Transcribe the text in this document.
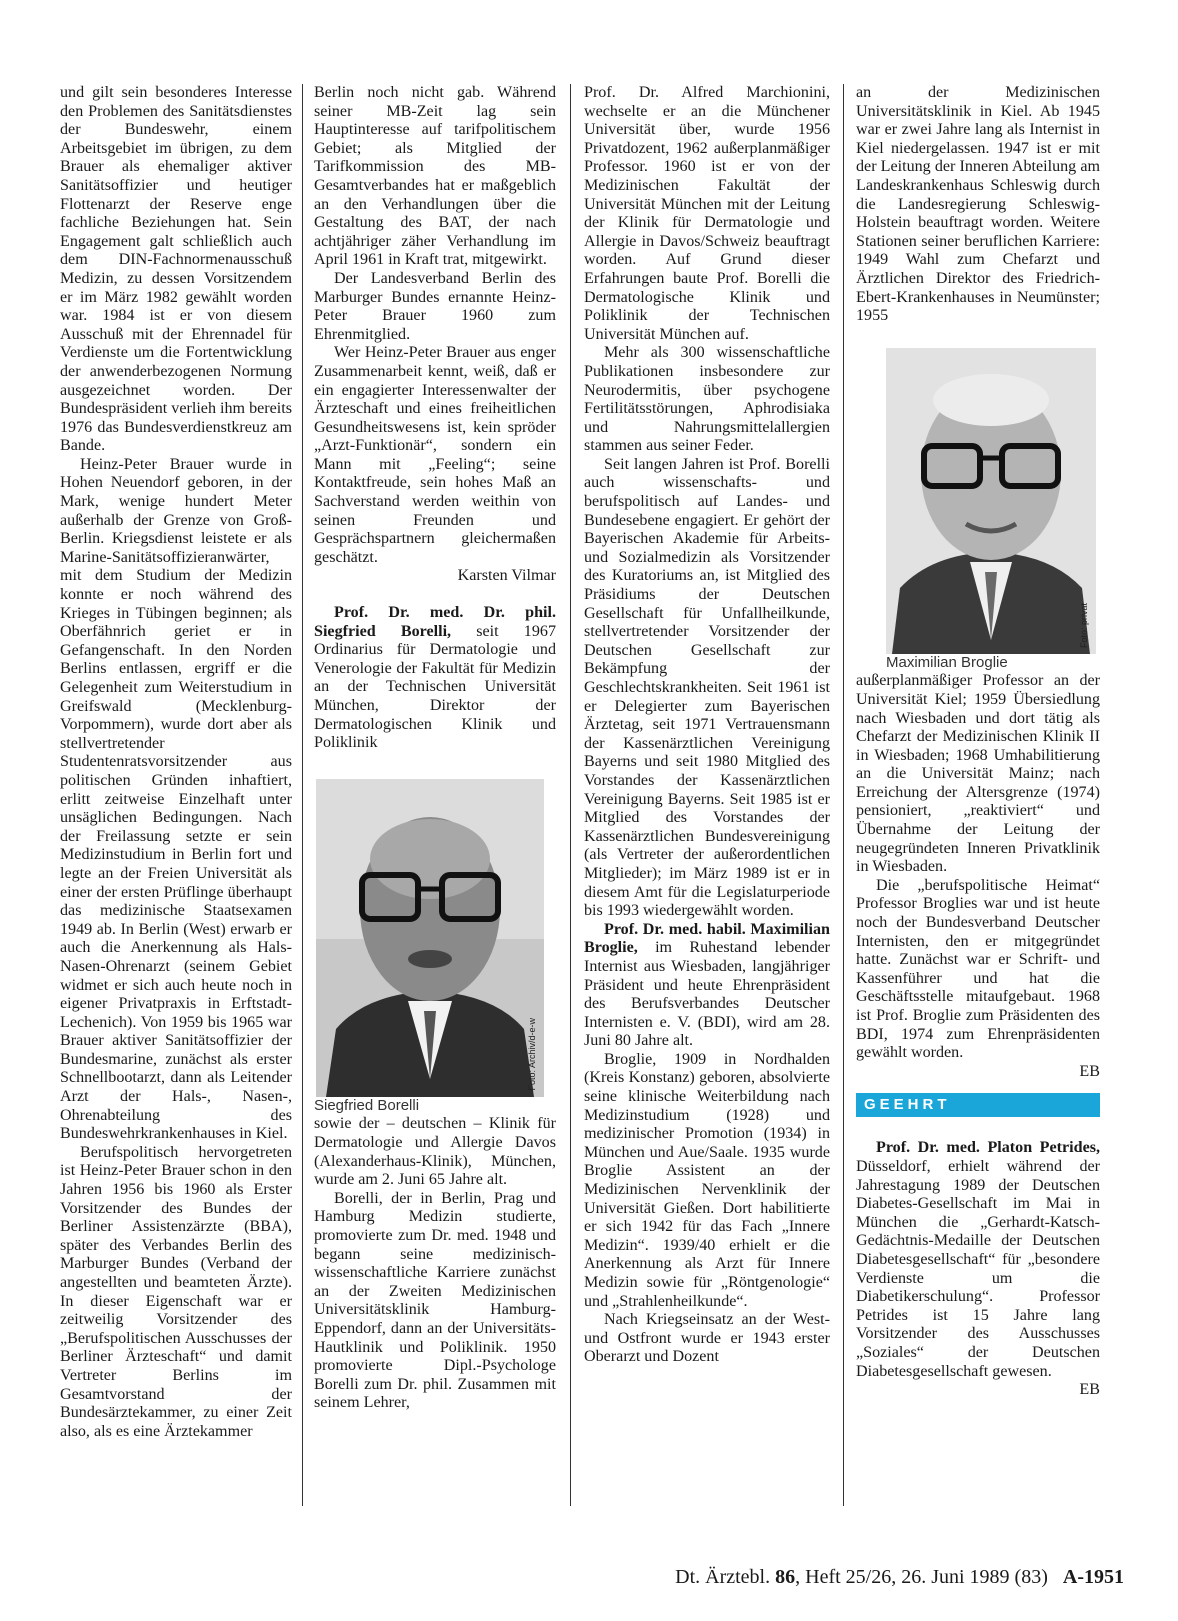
und gilt sein besonderes Interesse den Problemen des Sanitätsdienstes der Bundeswehr, einem Arbeitsgebiet im übrigen, zu dem Brauer als ehemaliger aktiver Sanitätsoffizier und heutiger Flottenarzt der Reserve enge fachliche Beziehungen hat. Sein Engagement galt schließlich auch dem DIN-Fachnormenausschuß Medizin, zu dessen Vorsitzendem er im März 1982 gewählt worden war. 1984 ist er von diesem Ausschuß mit der Ehrennadel für Verdienste um die Fortentwicklung der anwenderbezogenen Normung ausgezeichnet worden. Der Bundespräsident verlieh ihm bereits 1976 das Bundesverdienstkreuz am Bande.

Heinz-Peter Brauer wurde in Hohen Neuendorf geboren, in der Mark, wenige hundert Meter außerhalb der Grenze von Groß-Berlin. Kriegsdienst leistete er als Marine-Sanitätsoffizieranwärter, mit dem Studium der Medizin konnte er noch während des Krieges in Tübingen beginnen; als Oberfähnrich geriet er in Gefangenschaft. In den Norden Berlins entlassen, ergriff er die Gelegenheit zum Weiterstudium in Greifswald (Mecklenburg-Vorpommern), wurde dort aber als stellvertretender Studentenratsvorsitzender aus politischen Gründen inhaftiert, erlitt zeitweise Einzelhaft unter unsäglichen Bedingungen. Nach der Freilassung setzte er sein Medizinstudium in Berlin fort und legte an der Freien Universität als einer der ersten Prüflinge überhaupt das medizinische Staatsexamen 1949 ab. In Berlin (West) erwarb er auch die Anerkennung als Hals-Nasen-Ohrenarzt (seinem Gebiet widmet er sich auch heute noch in eigener Privatpraxis in Erftstadt-Lechenich). Von 1959 bis 1965 war Brauer aktiver Sanitätsoffizier der Bundesmarine, zunächst als erster Schnellbootarzt, dann als Leitender Arzt der Hals-, Nasen-, Ohrenabteilung des Bundeswehrkrankenhauses in Kiel.

Berufspolitisch hervorgetreten ist Heinz-Peter Brauer schon in den Jahren 1956 bis 1960 als Erster Vorsitzender des Bundes der Berliner Assistenzärzte (BBA), später des Verbandes Berlin des Marburger Bundes (Verband der angestellten und beamteten Ärzte). In dieser Eigenschaft war er zeitweilig Vorsitzender des „Berufspolitischen Ausschusses der Berliner Ärzteschaft“ und damit Vertreter Berlins im Gesamtvorstand der Bundesärztekammer, zu einer Zeit also, als es eine Ärztekammer

Berlin noch nicht gab. Während seiner MB-Zeit lag sein Hauptinteresse auf tarifpolitischem Gebiet; als Mitglied der Tarifkommission des MB-Gesamtverbandes hat er maßgeblich an den Verhandlungen über die Gestaltung des BAT, der nach achtjähriger zäher Verhandlung im April 1961 in Kraft trat, mitgewirkt.

Der Landesverband Berlin des Marburger Bundes ernannte Heinz-Peter Brauer 1960 zum Ehrenmitglied.

Wer Heinz-Peter Brauer aus enger Zusammenarbeit kennt, weiß, daß er ein engagierter Interessenwalter der Ärzteschaft und eines freiheitlichen Gesundheitswesens ist, kein spröder „Arzt-Funktionär“, sondern ein Mann mit „Feeling“; seine Kontaktfreude, sein hohes Maß an Sachverstand werden weithin von seinen Freunden und Gesprächspartnern gleichermaßen geschätzt.
Karsten Vilmar

Prof. Dr. med. Dr. phil. Siegfried Borelli, seit 1967 Ordinarius für Dermatologie und Venerologie der Fakultät für Medizin an der Technischen Universität München, Direktor der Dermatologischen Klinik und Poliklinik

Foto: Archiv/d-e-w

Siegfried Borelli

sowie der – deutschen – Klinik für Dermatologie und Allergie Davos (Alexanderhaus-Klinik), München, wurde am 2. Juni 65 Jahre alt.

Borelli, der in Berlin, Prag und Hamburg Medizin studierte, promovierte zum Dr. med. 1948 und begann seine medizinisch-wissenschaftliche Karriere zunächst an der Zweiten Medizinischen Universitätsklinik Hamburg-Eppendorf, dann an der Universitäts-Hautklinik und Poliklinik. 1950 promovierte Dipl.-Psychologe Borelli zum Dr. phil. Zusammen mit seinem Lehrer,

Prof. Dr. Alfred Marchionini, wechselte er an die Münchener Universität über, wurde 1956 Privatdozent, 1962 außerplanmäßiger Professor. 1960 ist er von der Medizinischen Fakultät der Universität München mit der Leitung der Klinik für Dermatologie und Allergie in Davos/Schweiz beauftragt worden. Auf Grund dieser Erfahrungen baute Prof. Borelli die Dermatologische Klinik und Poliklinik der Technischen Universität München auf.

Mehr als 300 wissenschaftliche Publikationen insbesondere zur Neurodermitis, über psychogene Fertilitätsstörungen, Aphrodisiaka und Nahrungsmittelallergien stammen aus seiner Feder.

Seit langen Jahren ist Prof. Borelli auch wissenschafts- und berufspolitisch auf Landes- und Bundesebene engagiert. Er gehört der Bayerischen Akademie für Arbeits- und Sozialmedizin als Vorsitzender des Kuratoriums an, ist Mitglied des Präsidiums der Deutschen Gesellschaft für Unfallheilkunde, stellvertretender Vorsitzender der Deutschen Gesellschaft zur Bekämpfung der Geschlechtskrankheiten. Seit 1961 ist er Delegierter zum Bayerischen Ärztetag, seit 1971 Vertrauensmann der Kassenärztlichen Vereinigung Bayerns und seit 1980 Mitglied des Vorstandes der Kassenärztlichen Vereinigung Bayerns. Seit 1985 ist er Mitglied des Vorstandes der Kassenärztlichen Bundesvereinigung (als Vertreter der außerordentlichen Mitglieder); im März 1989 ist er in diesem Amt für die Legislaturperiode bis 1993 wiedergewählt worden.

Prof. Dr. med. habil. Maximilian Broglie, im Ruhestand lebender Internist aus Wiesbaden, langjähriger Präsident und heute Ehrenpräsident des Berufsverbandes Deutscher Internisten e. V. (BDI), wird am 28. Juni 80 Jahre alt.

Broglie, 1909 in Nordhalden (Kreis Konstanz) geboren, absolvierte seine klinische Weiterbildung nach Medizinstudium (1928) und medizinischer Promotion (1934) in München und Aue/Saale. 1935 wurde Broglie Assistent an der Medizinischen Nervenklinik der Universität Gießen. Dort habilitierte er sich 1942 für das Fach „Innere Medizin“. 1939/40 erhielt er die Anerkennung als Arzt für Innere Medizin sowie für „Röntgenologie“ und „Strahlenheilkunde“.

Nach Kriegseinsatz an der West- und Ostfront wurde er 1943 erster Oberarzt und Dozent

an der Medizinischen Universitätsklinik in Kiel. Ab 1945 war er zwei Jahre lang als Internist in Kiel niedergelassen. 1947 ist er mit der Leitung der Inneren Abteilung am Landeskrankenhaus Schleswig durch die Landesregierung Schleswig-Holstein beauftragt worden. Weitere Stationen seiner beruflichen Karriere: 1949 Wahl zum Chefarzt und Ärztlichen Direktor des Friedrich-Ebert-Krankenhauses in Neumünster; 1955

Foto: privat

Maximilian Broglie

außerplanmäßiger Professor an der Universität Kiel; 1959 Übersiedlung nach Wiesbaden und dort tätig als Chefarzt der Medizinischen Klinik II in Wiesbaden; 1968 Umhabilitierung an die Universität Mainz; nach Erreichung der Altersgrenze (1974) pensioniert, „reaktiviert“ und Übernahme der Leitung der neugegründeten Inneren Privatklinik in Wiesbaden.

Die „berufspolitische Heimat“ Professor Broglies war und ist heute noch der Bundesverband Deutscher Internisten, den er mitgegründet hatte. Zunächst war er Schrift- und Kassenführer und hat die Geschäftsstelle mitaufgebaut. 1968 ist Prof. Broglie zum Präsidenten des BDI, 1974 zum Ehrenpräsidenten gewählt worden.
EB

GEEHRT

Prof. Dr. med. Platon Petrides, Düsseldorf, erhielt während der Jahrestagung 1989 der Deutschen Diabetes-Gesellschaft im Mai in München die „Gerhardt-Katsch-Gedächtnis-Medaille der Deutschen Diabetesgesellschaft“ für „besondere Verdienste um die Diabetikerschulung“. Professor Petrides ist 15 Jahre lang Vorsitzender des Ausschusses „Soziales“ der Deutschen Diabetesgesellschaft gewesen.
EB

Dt. Ärztebl. 86, Heft 25/26, 26. Juni 1989 (83) A-1951
